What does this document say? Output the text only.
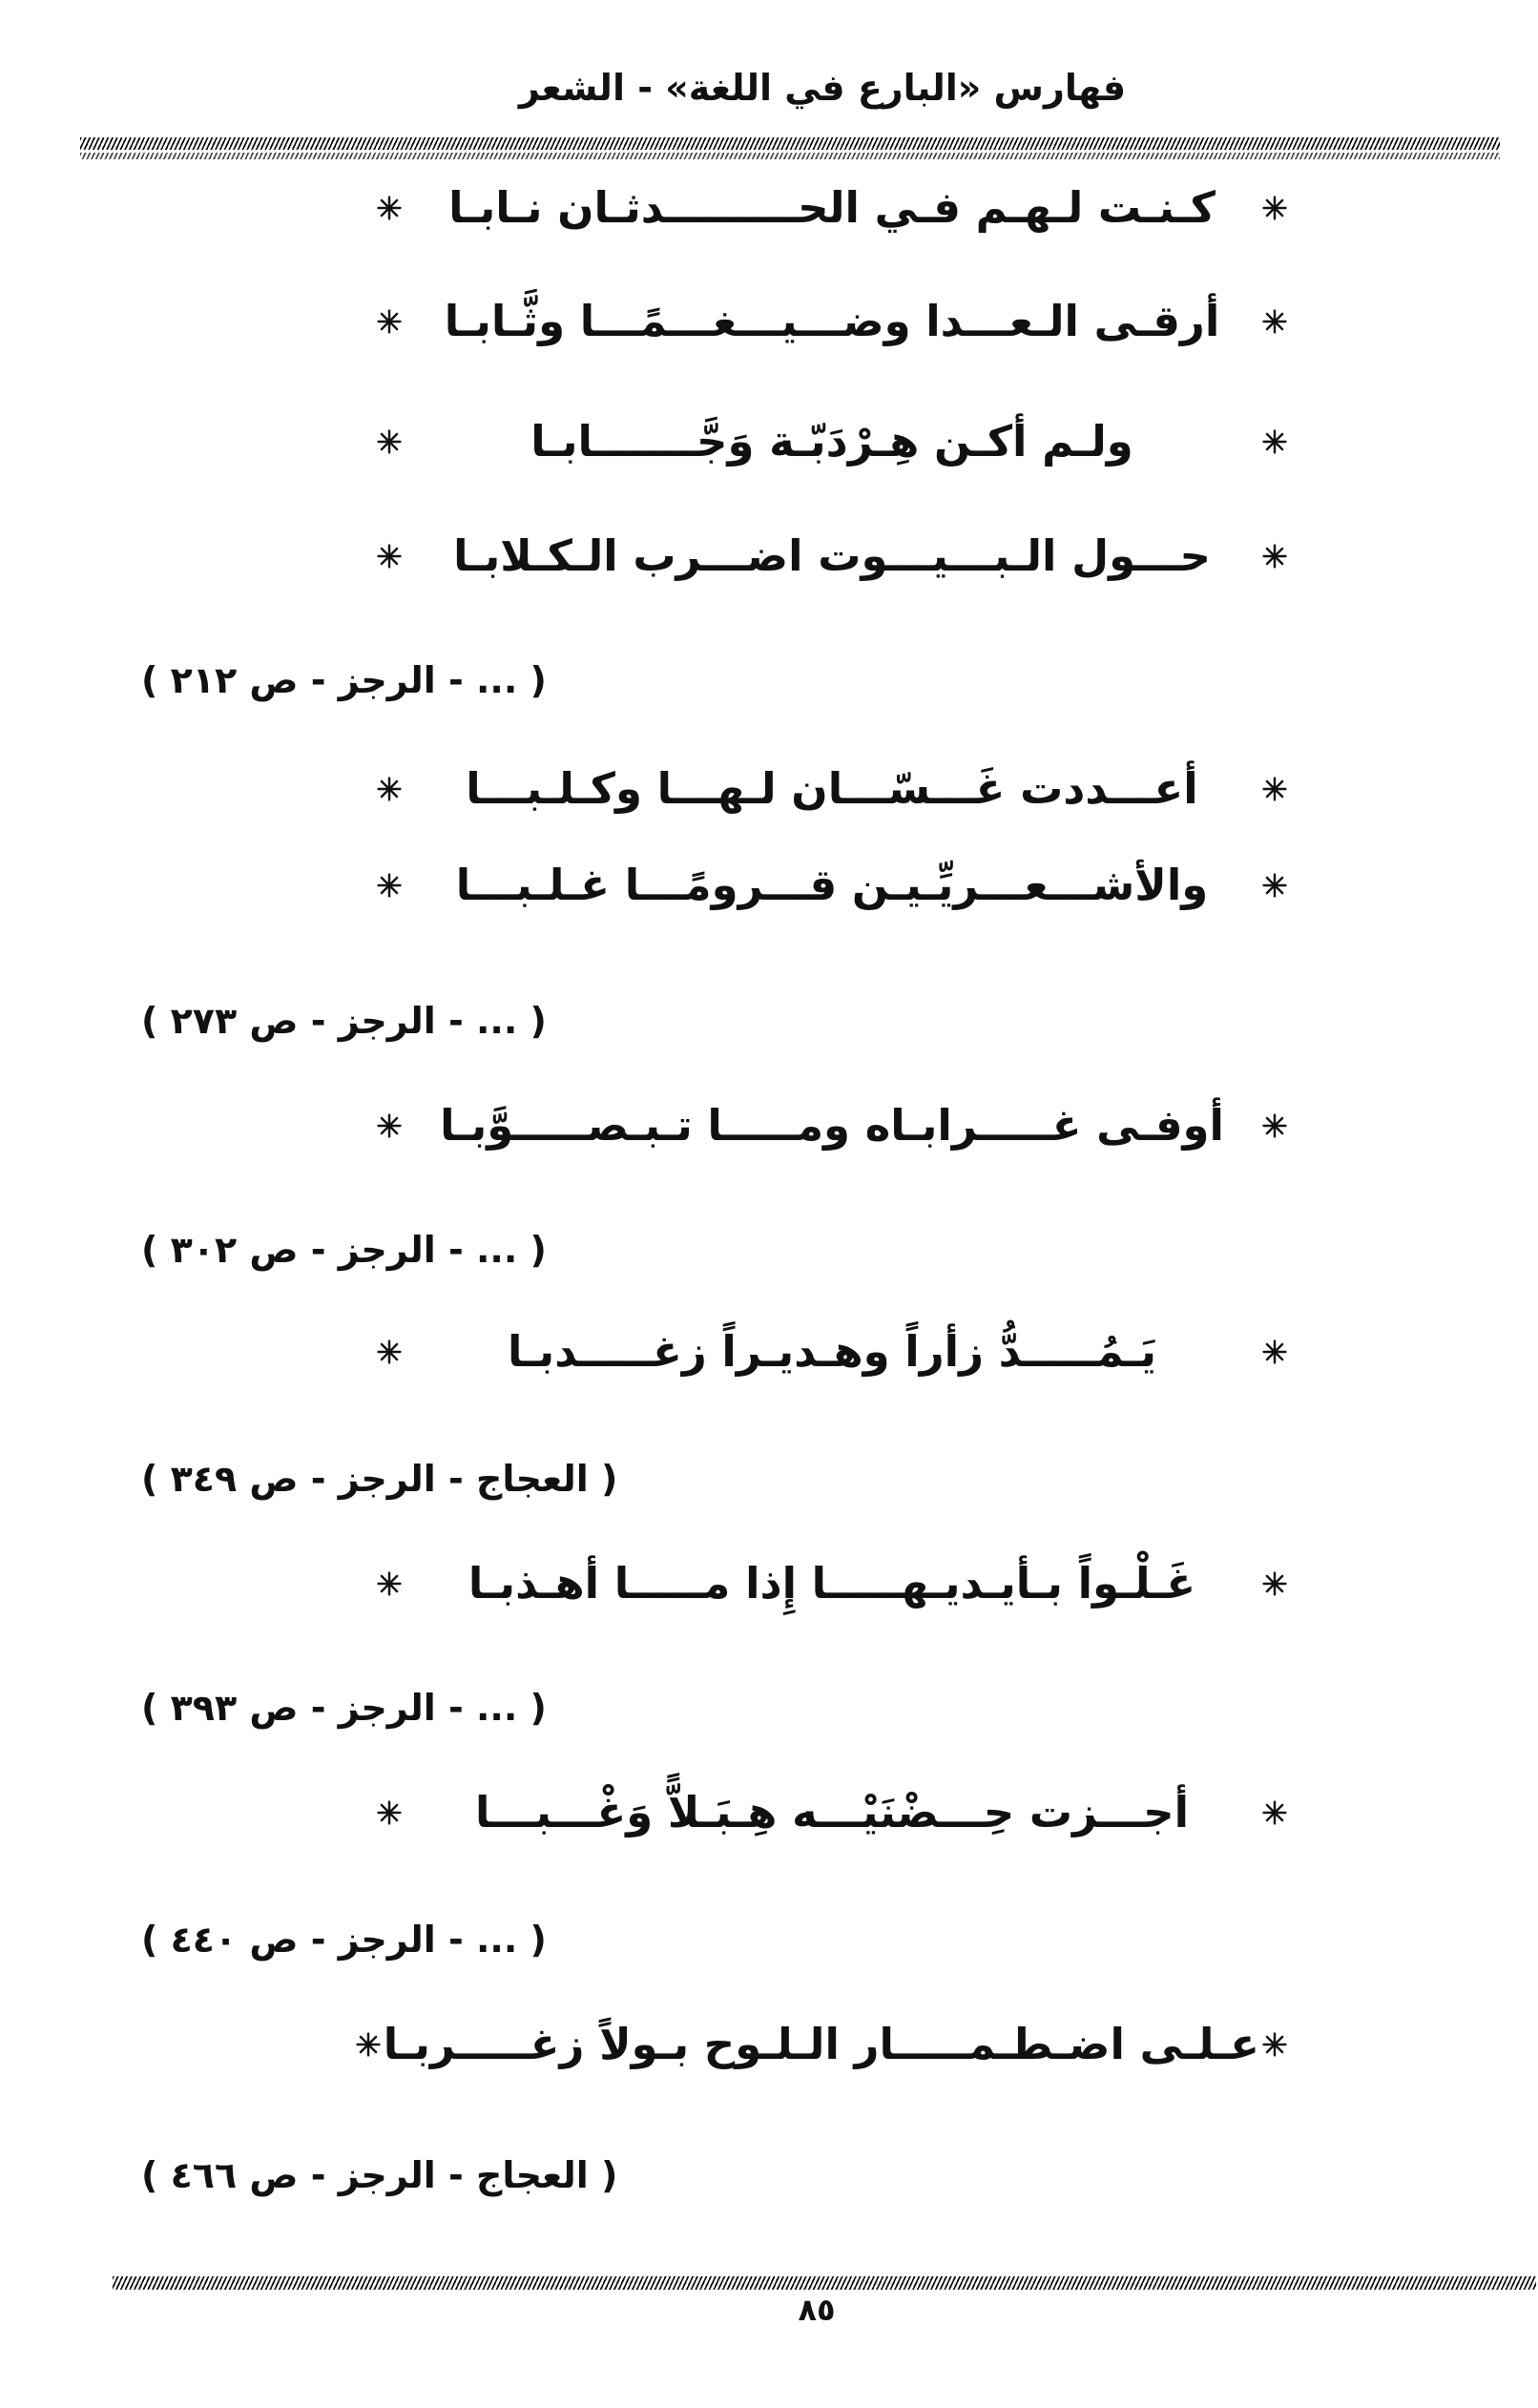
فهارس «البارع في اللغة» - الشعر
كـنـت لـهـم فـي الحـــــــــدثـان نـابـا
أرقـى الـعـــدا وضـــيـــغـــمًـــا وثَّـابـا
ولـم أكـن هِـرْدَبّـة وَجَّـــــــابـا
حـــول الـبـــيـــوت اضـــرب الـكـلابـا
( ... - الرجز - ص ٢١٢ )
أعـــددت غَـــسّـــان لـهـــا وكـلـبـــا
والأشـــعـــريِّـيـن قـــرومًـــا غـلـبـــا
( ... - الرجز - ص ٢٧٣ )
أوفـى غـــــرابـاه ومـــــا تـبـصـــــوَّبـا
( ... - الرجز - ص ٣٠٢ )
يَـمُـــــدُّ زأراً وهـديـراً زغـــــدبـا
( العجاج - الرجز - ص ٣٤٩ )
غَـلْـواً بـأيـديـهـــــا إِذا مـــــا أهـذبـا
( ... - الرجز - ص ٣٩٣ )
أجـــزت حِـــضْنَيْـــه هِـبَـلاًّ وَغْـــبـــا
( ... - الرجز - ص ٤٤٠ )
عـلـى اضـطـمـــــار الـلـوح بـولاً زغـــــربـا
( العجاج - الرجز - ص ٤٦٦ )
٨٥
